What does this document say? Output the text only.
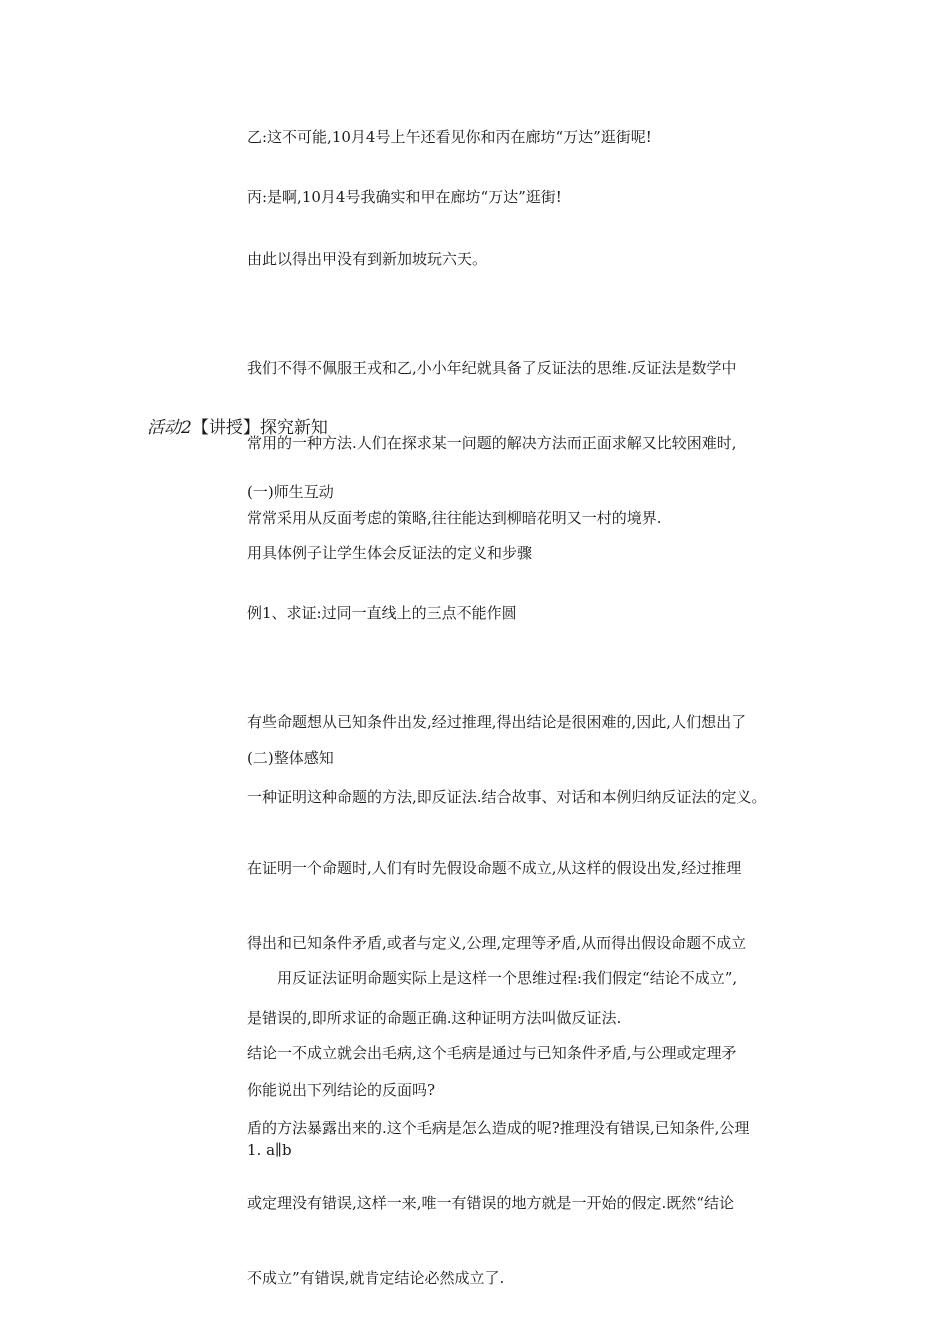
乙:这不可能,10月4号上午还看见你和丙在廊坊“万达”逛街呢!
丙:是啊,10月4号我确实和甲在廊坊“万达”逛街!
由此以得出甲没有到新加坡玩六天。

我们不得不佩服王戎和乙,小小年纪就具备了反证法的思维.反证法是数学中

常用的一种方法.人们在探求某一问题的解决方法而正面求解又比较困难时,

常常采用从反面考虑的策略,往往能达到柳暗花明又一村的境界.

活动2【讲授】探究新知
(一)师生互动
用具体例子让学生体会反证法的定义和步骤
例1、求证:过同一直线上的三点不能作圆

有些命题想从已知条件出发,经过推理,得出结论是很困难的,因此,人们想出了

一种证明这种命题的方法,即反证法.结合故事、对话和本例归纳反证法的定义。

(二)整体感知

在证明一个命题时,人们有时先假设命题不成立,从这样的假设出发,经过推理

得出和已知条件矛盾,或者与定义,公理,定理等矛盾,从而得出假设命题不成立

是错误的,即所求证的命题正确.这种证明方法叫做反证法.

用反证法证明命题实际上是这样一个思维过程:我们假定“结论不成立”,

结论一不成立就会出毛病,这个毛病是通过与已知条件矛盾,与公理或定理矛

盾的方法暴露出来的.这个毛病是怎么造成的呢?推理没有错误,已知条件,公理

或定理没有错误,这样一来,唯一有错误的地方就是一开始的假定.既然“结论

不成立”有错误,就肯定结论必然成立了.

你能说出下列结论的反面吗?
1. a∥b
